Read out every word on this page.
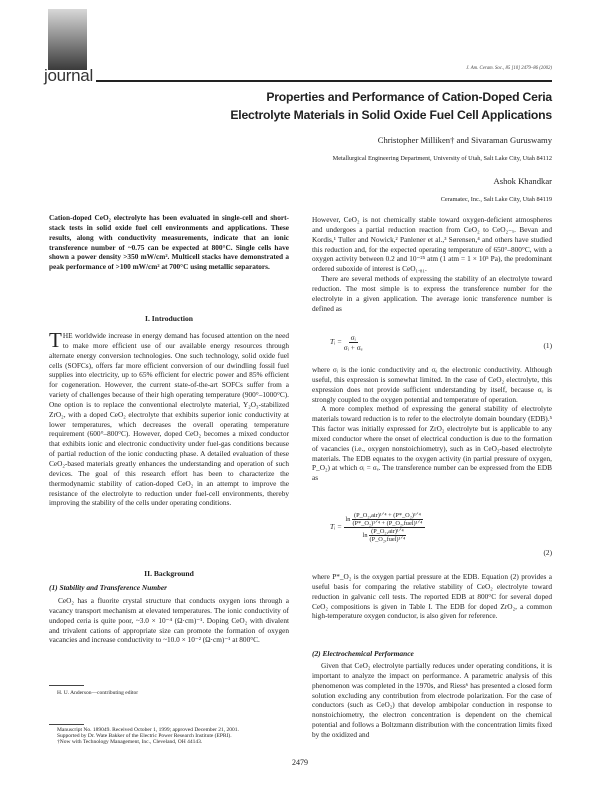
journal	J. Am. Ceram. Soc., 85 [10] 2479–86 (2002)
Properties and Performance of Cation-Doped Ceria
Electrolyte Materials in Solid Oxide Fuel Cell Applications
Christopher Milliken† and Sivaraman Guruswamy
Metallurgical Engineering Department, University of Utah, Salt Lake City, Utah 84112
Ashok Khandkar
Ceramatec, Inc., Salt Lake City, Utah 84119
Cation-doped CeO₂ electrolyte has been evaluated in single-cell and short-stack tests in solid oxide fuel cell environments and applications. These results, along with conductivity measurements, indicate that an ionic transference number of ~0.75 can be expected at 800°C. Single cells have shown a power density >350 mW/cm². Multicell stacks have demonstrated a peak performance of >100 mW/cm² at 700°C using metallic separators.
I. Introduction

THE worldwide increase in energy demand has focused attention on the need to make more efficient use of our available energy resources through alternate energy conversion technologies. One such technology, solid oxide fuel cells (SOFCs), offers far more efficient conversion of our dwindling fossil fuel supplies into electricity, up to 65% efficient for electric power and 85% efficient for cogeneration. However, the current state-of-the-art SOFCs suffer from a variety of challenges because of their high operating temperature (900°–1000°C). One option is to replace the conventional electrolyte material, Y₂O₃-stabilized ZrO₂, with a doped CeO₂ electrolyte that exhibits superior ionic conductivity at lower temperatures, which decreases the overall operating temperature requirement (600°–800°C). However, doped CeO₂ becomes a mixed conductor that exhibits ionic and electronic conductivity under fuel-gas conditions because of partial reduction of the ionic conducting phase. A detailed evaluation of these CeO₂-based materials greatly enhances the understanding and operation of such devices. The goal of this research effort has been to characterize the thermodynamic stability of cation-doped CeO₂ in an attempt to improve the resistance of the electrolyte to reduction under fuel-cell environments, thereby improving the stability of the cells under operating conditions.

II. Background
(1) Stability and Transference Number

CeO₂ has a fluorite crystal structure that conducts oxygen ions through a vacancy transport mechanism at elevated temperatures. The ionic conductivity of undoped ceria is quite poor, ~3.0 × 10⁻⁴ (Ω·cm)⁻¹. Doping CeO₂ with divalent and trivalent cations of appropriate size can promote the formation of oxygen vacancies and increase conductivity to ~10.0 × 10⁻² (Ω·cm)⁻¹ at 800°C.

H. U. Anderson—contributing editor
Manuscript No. 189049. Received October 1, 1999; approved December 21, 2001.
Supported by Dr. Wate Bakker of the Electric Power Research Institute (EPRI).
†Now with Technology Management, Inc., Cleveland, OH 44143.

However, CeO₂ is not chemically stable toward oxygen-deficient atmospheres and undergoes a partial reduction reaction from CeO₂ to CeO₂₋ₓ. Bevan and Kordis,¹ Tuller and Nowick,² Panlener et al.,³ Sørensen,⁴ and others have studied this reduction and, for the expected operating temperature of 650°–800°C, with a oxygen activity between 0.2 and 10⁻²⁵ atm (1 atm = 1 × 10⁵ Pa), the predominant ordered suboxide of interest is CeO₁.₈₁.

There are several methods of expressing the stability of an electrolyte toward reduction. The most simple is to express the transference number for the electrolyte in a given application. The average ionic transference number is defined as

Tᵢ = $\frac{\text{σᵢ}}{\text{σᵢ + σₑ}}$	(1)

where σᵢ is the ionic conductivity and σₑ the electronic conductivity. Although useful, this expression is somewhat limited. In the case of CeO₂ electrolyte, this expression does not provide sufficient understanding by itself, because σₑ is strongly coupled to the oxygen potential and temperature of operation.

A more complex method of expressing the general stability of electrolyte materials toward reduction is to refer to the electrolyte domain boundary (EDB).⁵ This factor was initially expressed for ZrO₂ electrolyte but is applicable to any mixed conductor where the onset of electrical conduction is due to the formation of vacancies (i.e., oxygen nonstoichiometry), such as in CeO₂-based electrolyte materials. The EDB equates to the oxygen activity (in partial pressure of oxygen, P_O₂) at which σᵢ = σₑ. The transference number can be expressed from the EDB as

Tᵢ =
$\ln \frac{\text{(P\_O₂,air)¹ᐟ⁴ + (P*\_O₂)¹ᐟ⁴}}{\text{(P*\_O₂)¹ᐟ⁴ + (P\_O₂,fuel)¹ᐟ⁴}}$
$\ln \frac{\text{(P\_O₂,air)¹ᐟ⁴}}{\text{(P\_O₂,fuel)¹ᐟ⁴}}$
(2)

where P*_O₂ is the oxygen partial pressure at the EDB. Equation (2) provides a useful basis for comparing the relative stability of CeO₂ electrolyte toward reduction in galvanic cell tests. The reported EDB at 800°C for several doped CeO₂ compositions is given in Table I. The EDB for doped ZrO₂, a common high-temperature oxygen conductor, is also given for reference.

(2) Electrochemical Performance

Given that CeO₂ electrolyte partially reduces under operating conditions, it is important to analyze the impact on performance. A parametric analysis of this phenomenon was completed in the 1970s, and Riess⁶ has presented a closed form solution excluding any contribution from electrode polarization. For the case of conductors (such as CeO₂) that develop ambipolar conduction in response to nonstoichiometry, the electron concentration is dependent on the chemical potential and follows a Boltzmann distribution with the concentration limits fixed by the oxidized and

2479
